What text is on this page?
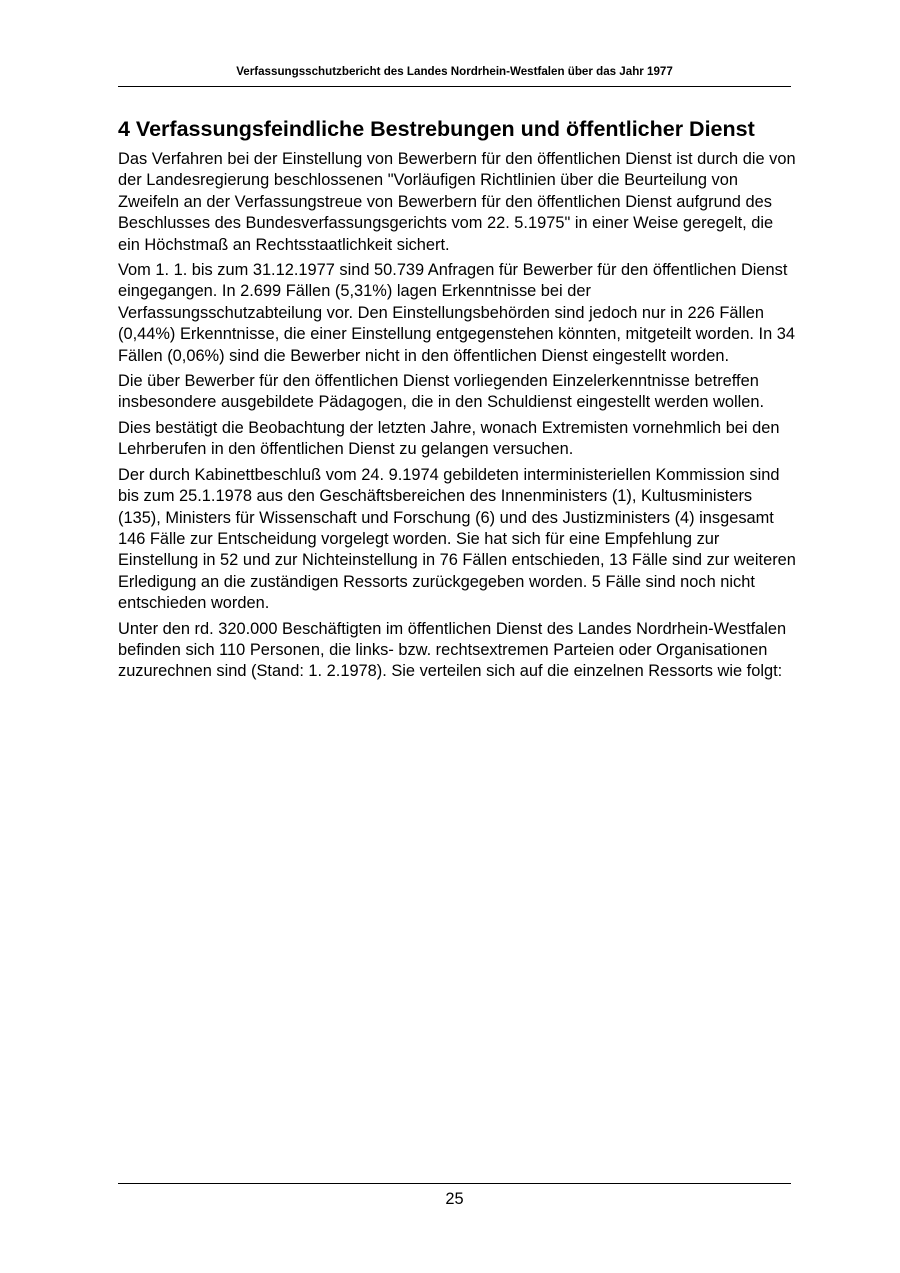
Verfassungsschutzbericht des Landes Nordrhein-Westfalen über das Jahr 1977
4 Verfassungsfeindliche Bestrebungen und öffentlicher Dienst

Das Verfahren bei der Einstellung von Bewerbern für den öffentlichen Dienst ist durch die von der Landesregierung beschlossenen "Vorläufigen Richtlinien über die Beurteilung von Zweifeln an der Verfassungstreue von Bewerbern für den öffentlichen Dienst aufgrund des Beschlusses des Bundesverfassungsgerichts vom 22. 5.1975" in einer Weise geregelt, die ein Höchstmaß an Rechtsstaatlichkeit sichert.

Vom 1. 1. bis zum 31.12.1977 sind 50.739 Anfragen für Bewerber für den öffentlichen Dienst eingegangen. In 2.699 Fällen (5,31%) lagen Erkenntnisse bei der Verfassungsschutzabteilung vor. Den Einstellungsbehörden sind jedoch nur in 226 Fällen (0,44%) Erkenntnisse, die einer Einstellung entgegenstehen könnten, mitgeteilt worden. In 34 Fällen (0,06%) sind die Bewerber nicht in den öffentlichen Dienst eingestellt worden.

Die über Bewerber für den öffentlichen Dienst vorliegenden Einzelerkenntnisse betreffen insbesondere ausgebildete Pädagogen, die in den Schuldienst eingestellt werden wollen.

Dies bestätigt die Beobachtung der letzten Jahre, wonach Extremisten vornehmlich bei den Lehrberufen in den öffentlichen Dienst zu gelangen versuchen.

Der durch Kabinettbeschluß vom 24. 9.1974 gebildeten interministeriellen Kommission sind bis zum 25.1.1978 aus den Geschäftsbereichen des Innenministers (1), Kultusministers (135), Ministers für Wissenschaft und Forschung (6) und des Justizministers (4) insgesamt 146 Fälle zur Entscheidung vorgelegt worden. Sie hat sich für eine Empfehlung zur Einstellung in 52 und zur Nichteinstellung in 76 Fällen entschieden, 13 Fälle sind zur weiteren Erledigung an die zuständigen Ressorts zurückgegeben worden. 5 Fälle sind noch nicht entschieden worden.

Unter den rd. 320.000 Beschäftigten im öffentlichen Dienst des Landes Nordrhein-Westfalen befinden sich 110 Personen, die links- bzw. rechtsextremen Parteien oder Organisationen zuzurechnen sind (Stand: 1. 2.1978). Sie verteilen sich auf die einzelnen Ressorts wie folgt:

25
